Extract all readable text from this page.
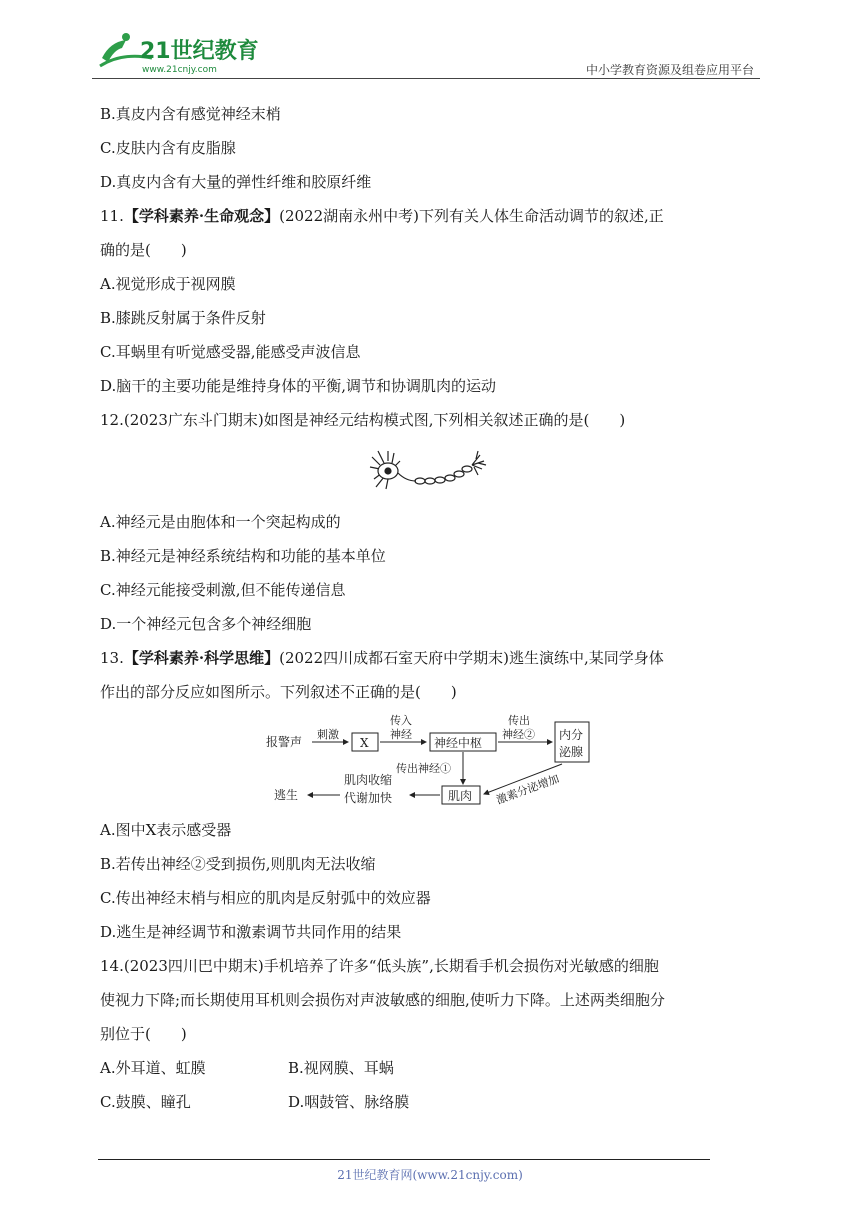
21世纪教育
www.21cnjy.com	中小学教育资源及组卷应用平台
B.真皮内含有感觉神经末梢
C.皮肤内含有皮脂腺
D.真皮内含有大量的弹性纤维和胶原纤维
11.【学科素养·生命观念】(2022湖南永州中考)下列有关人体生命活动调节的叙述,正
确的是(　　)
A.视觉形成于视网膜
B.膝跳反射属于条件反射
C.耳蜗里有听觉感受器,能感受声波信息
D.脑干的主要功能是维持身体的平衡,调节和协调肌肉的运动
12.(2023广东斗门期末)如图是神经元结构模式图,下列相关叙述正确的是(　　)
A.神经元是由胞体和一个突起构成的
B.神经元是神经系统结构和功能的基本单位
C.神经元能接受刺激,但不能传递信息
D.一个神经元包含多个神经细胞
13.【学科素养·科学思维】(2022四川成都石室天府中学期末)逃生演练中,某同学身体
作出的部分反应如图所示。下列叙述不正确的是(　　)
A.图中X表示感受器
B.若传出神经②受到损伤,则肌肉无法收缩
C.传出神经末梢与相应的肌肉是反射弧中的效应器
D.逃生是神经调节和激素调节共同作用的结果
14.(2023四川巴中期末)手机培养了许多“低头族”,长期看手机会损伤对光敏感的细胞
使视力下降;而长期使用耳机则会损伤对声波敏感的细胞,使听力下降。上述两类细胞分
别位于(　　)
A.外耳道、虹膜	B.视网膜、耳蜗
C.鼓膜、瞳孔	D.咽鼓管、脉络膜
报警声
刺激
X
传入
神经
神经中枢
传出
神经② 内分
泌腺
传出神经①
肌肉 激素分泌增加
肌肉收缩
代谢加快
逃生
21世纪教育网(www.21cnjy.com)
